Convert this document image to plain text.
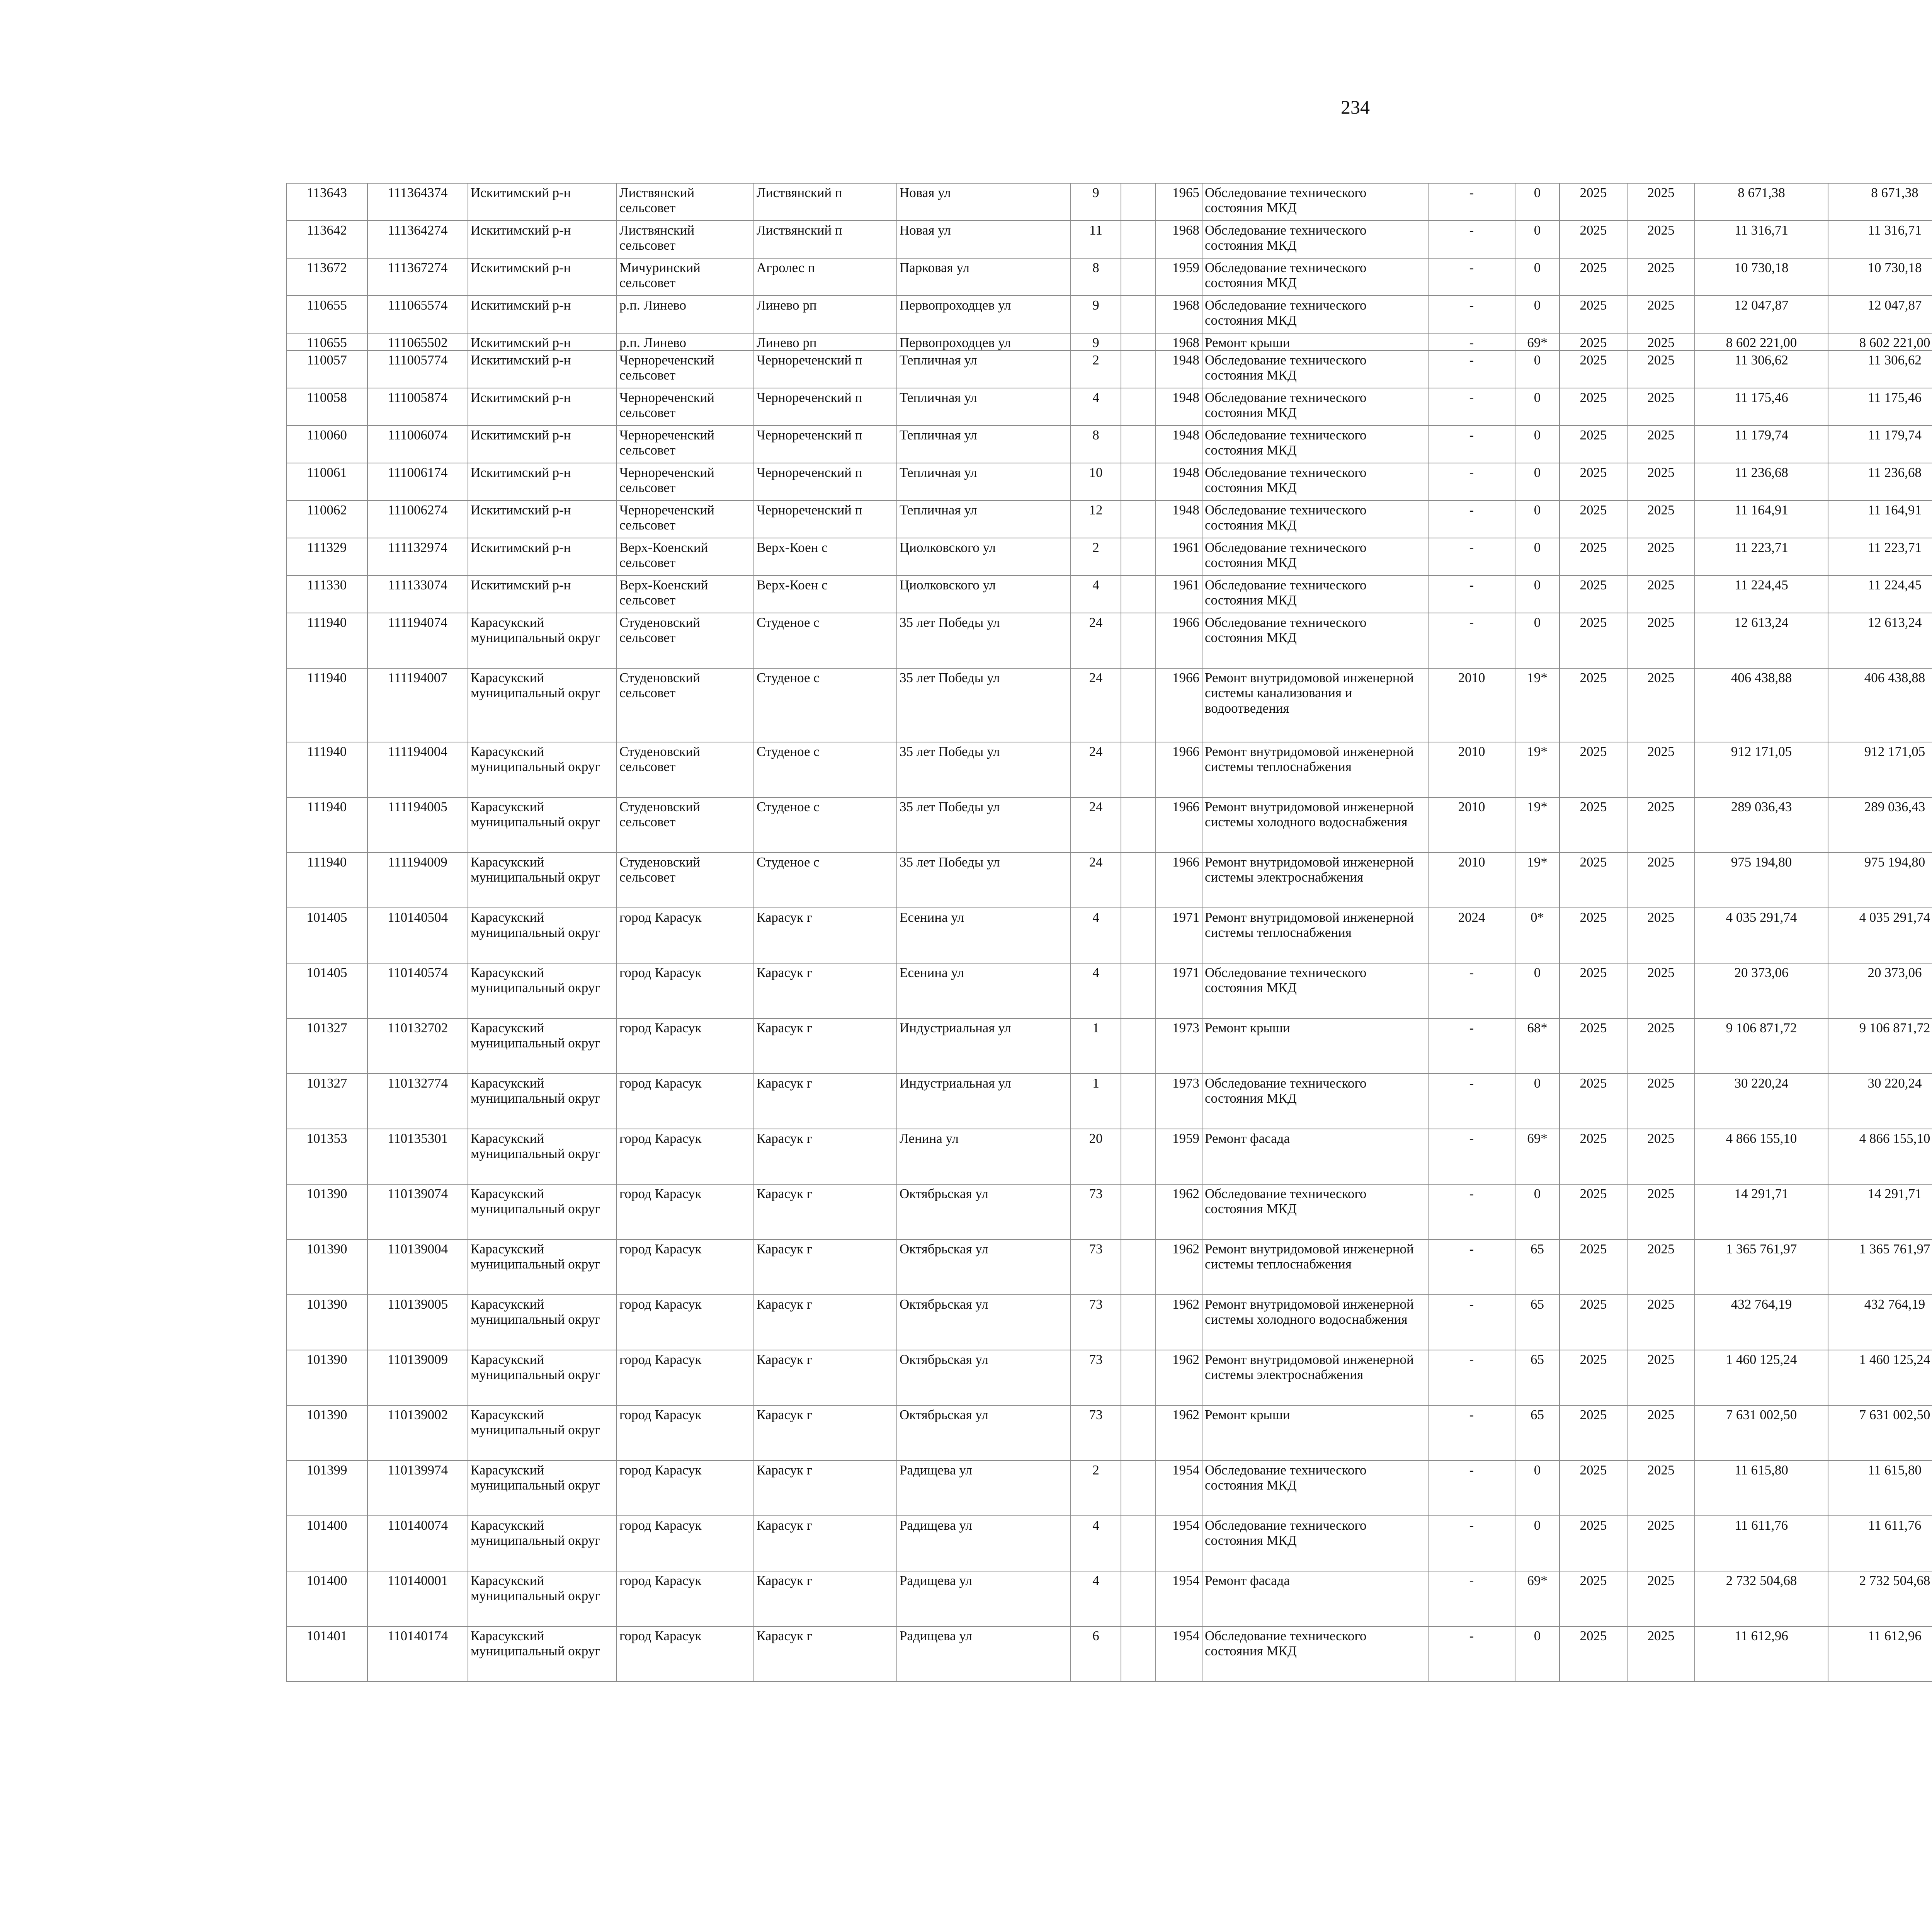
234
113643	111364374	Искитимский р-н	Листвянский сельсовет	Листвянский п	Новая ул	9		1965	Обследование технического состояния МКД	-	0	2025	2025	8 671,38	8 671,38						
113642	111364274	Искитимский р-н	Листвянский сельсовет	Листвянский п	Новая ул	11		1968	Обследование технического состояния МКД	-	0	2025	2025	11 316,71	11 316,71						
113672	111367274	Искитимский р-н	Мичуринский сельсовет	Агролес п	Парковая ул	8		1959	Обследование технического состояния МКД	-	0	2025	2025	10 730,18	10 730,18						
110655	111065574	Искитимский р-н	р.п. Линево	Линево рп	Первопроходцев ул	9		1968	Обследование технического состояния МКД	-	0	2025	2025	12 047,87	12 047,87						
110655	111065502	Искитимский р-н	р.п. Линево	Линево рп	Первопроходцев ул	9		1968	Ремонт крыши	-	69*	2025	2025	8 602 221,00	8 602 221,00						
110057	111005774	Искитимский р-н	Чернореченский сельсовет	Чернореченский п	Тепличная ул	2		1948	Обследование технического состояния МКД	-	0	2025	2025	11 306,62	11 306,62						
110058	111005874	Искитимский р-н	Чернореченский сельсовет	Чернореченский п	Тепличная ул	4		1948	Обследование технического состояния МКД	-	0	2025	2025	11 175,46	11 175,46						
110060	111006074	Искитимский р-н	Чернореченский сельсовет	Чернореченский п	Тепличная ул	8		1948	Обследование технического состояния МКД	-	0	2025	2025	11 179,74	11 179,74						
110061	111006174	Искитимский р-н	Чернореченский сельсовет	Чернореченский п	Тепличная ул	10		1948	Обследование технического состояния МКД	-	0	2025	2025	11 236,68	11 236,68						
110062	111006274	Искитимский р-н	Чернореченский сельсовет	Чернореченский п	Тепличная ул	12		1948	Обследование технического состояния МКД	-	0	2025	2025	11 164,91	11 164,91						
111329	111132974	Искитимский р-н	Верх-Коенский сельсовет	Верх-Коен с	Циолковского ул	2		1961	Обследование технического состояния МКД	-	0	2025	2025	11 223,71	11 223,71						
111330	111133074	Искитимский р-н	Верх-Коенский сельсовет	Верх-Коен с	Циолковского ул	4		1961	Обследование технического состояния МКД	-	0	2025	2025	11 224,45	11 224,45						
111940	111194074	Карасукский муниципальный округ	Студеновский сельсовет	Студеное с	35 лет Победы ул	24		1966	Обследование технического состояния МКД	-	0	2025	2025	12 613,24	12 613,24						
111940	111194007	Карасукский муниципальный округ	Студеновский сельсовет	Студеное с	35 лет Победы ул	24		1966	Ремонт внутридомовой инженерной системы канализования и водоотведения	2010	19*	2025	2025	406 438,88	406 438,88						
111940	111194004	Карасукский муниципальный округ	Студеновский сельсовет	Студеное с	35 лет Победы ул	24		1966	Ремонт внутридомовой инженерной системы теплоснабжения	2010	19*	2025	2025	912 171,05	912 171,05						
111940	111194005	Карасукский муниципальный округ	Студеновский сельсовет	Студеное с	35 лет Победы ул	24		1966	Ремонт внутридомовой инженерной системы холодного водоснабжения	2010	19*	2025	2025	289 036,43	289 036,43						
111940	111194009	Карасукский муниципальный округ	Студеновский сельсовет	Студеное с	35 лет Победы ул	24		1966	Ремонт внутридомовой инженерной системы электроснабжения	2010	19*	2025	2025	975 194,80	975 194,80						
101405	110140504	Карасукский муниципальный округ	город Карасук	Карасук г	Есенина ул	4		1971	Ремонт внутридомовой инженерной системы теплоснабжения	2024	0*	2025	2025	4 035 291,74	4 035 291,74						
101405	110140574	Карасукский муниципальный округ	город Карасук	Карасук г	Есенина ул	4		1971	Обследование технического состояния МКД	-	0	2025	2025	20 373,06	20 373,06						
101327	110132702	Карасукский муниципальный округ	город Карасук	Карасук г	Индустриальная ул	1		1973	Ремонт крыши	-	68*	2025	2025	9 106 871,72	9 106 871,72						
101327	110132774	Карасукский муниципальный округ	город Карасук	Карасук г	Индустриальная ул	1		1973	Обследование технического состояния МКД	-	0	2025	2025	30 220,24	30 220,24						
101353	110135301	Карасукский муниципальный округ	город Карасук	Карасук г	Ленина ул	20		1959	Ремонт фасада	-	69*	2025	2025	4 866 155,10	4 866 155,10						
101390	110139074	Карасукский муниципальный округ	город Карасук	Карасук г	Октябрьская ул	73		1962	Обследование технического состояния МКД	-	0	2025	2025	14 291,71	14 291,71						
101390	110139004	Карасукский муниципальный округ	город Карасук	Карасук г	Октябрьская ул	73		1962	Ремонт внутридомовой инженерной системы теплоснабжения	-	65	2025	2025	1 365 761,97	1 365 761,97						
101390	110139005	Карасукский муниципальный округ	город Карасук	Карасук г	Октябрьская ул	73		1962	Ремонт внутридомовой инженерной системы холодного водоснабжения	-	65	2025	2025	432 764,19	432 764,19						
101390	110139009	Карасукский муниципальный округ	город Карасук	Карасук г	Октябрьская ул	73		1962	Ремонт внутридомовой инженерной системы электроснабжения	-	65	2025	2025	1 460 125,24	1 460 125,24						
101390	110139002	Карасукский муниципальный округ	город Карасук	Карасук г	Октябрьская ул	73		1962	Ремонт крыши	-	65	2025	2025	7 631 002,50	7 631 002,50						
101399	110139974	Карасукский муниципальный округ	город Карасук	Карасук г	Радищева ул	2		1954	Обследование технического состояния МКД	-	0	2025	2025	11 615,80	11 615,80						
101400	110140074	Карасукский муниципальный округ	город Карасук	Карасук г	Радищева ул	4		1954	Обследование технического состояния МКД	-	0	2025	2025	11 611,76	11 611,76						
101400	110140001	Карасукский муниципальный округ	город Карасук	Карасук г	Радищева ул	4		1954	Ремонт фасада	-	69*	2025	2025	2 732 504,68	2 732 504,68						
101401	110140174	Карасукский муниципальный округ	город Карасук	Карасук г	Радищева ул	6		1954	Обследование технического состояния МКД	-	0	2025	2025	11 612,96	11 612,96						
